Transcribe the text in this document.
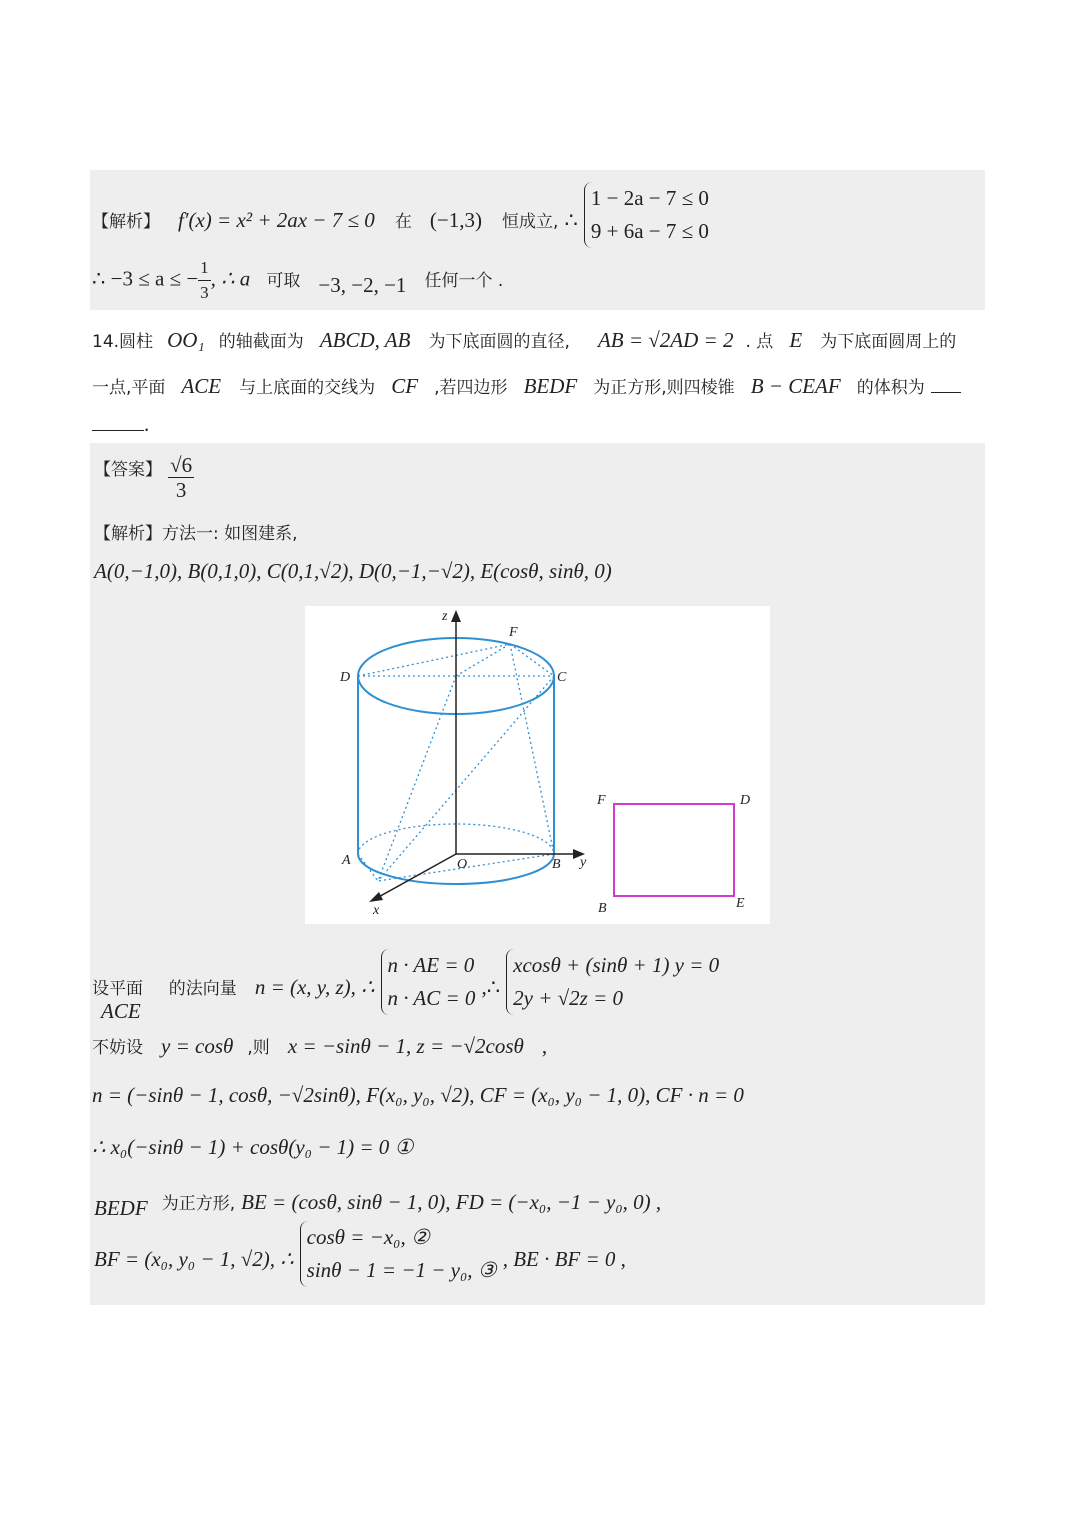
【解析】 f′(x) = x² + 2ax − 7 ≤ 0 在 (−1,3) 恒成立, ∴ 1 − 2a − 7 ≤ 0
9 + 6a − 7 ≤ 0
∴ −3 ≤ a ≤ − $\frac{1}{3}$ , ∴ a 可取 −3, −2, −1 任何一个 .
14.圆柱 OO₁ 的轴截面为 ABCD, AB 为下底面圆的直径, AB = √2AD = 2 . 点 E 为下底面圆周上的
一点,平面 ACE 与上底面的交线为 CF ,若四边形 BEDF 为正方形,则四棱锥 B − CEAF 的体积为
.
【答案】 $\frac{√6}{3}$
【解析】方法一: 如图建系,
A(0,−1,0), B(0,1,0), C(0,1,√2), D(0,−1,−√2), E(cosθ, sinθ, 0)
设平面 ACE 的法向量 n = (x, y, z), ∴ n · AE = 0
n · AC = 0 ,∴ xcosθ + (sinθ + 1) y = 0
2y + √2z = 0
不妨设 y = cosθ ,则 x = −sinθ − 1, z = −√2cosθ ,
n = (−sinθ − 1, cosθ, −√2sinθ), F(x₀, y₀, √2), CF = (x₀, y₀ − 1, 0), CF · n = 0
∴ x₀(−sinθ − 1) + cosθ(y₀ − 1) = 0 ①
BEDF 为正方形, BE = (cosθ, sinθ − 1, 0), FD = (−x₀, −1 − y₀, 0) ,
BF = (x₀, y₀ − 1, √2), ∴ cosθ = −x₀, ②
sinθ − 1 = −1 − y₀, ③ , BE · BF = 0 ,
z
F
D	C
A	O	B y
x
F	D
B	E
